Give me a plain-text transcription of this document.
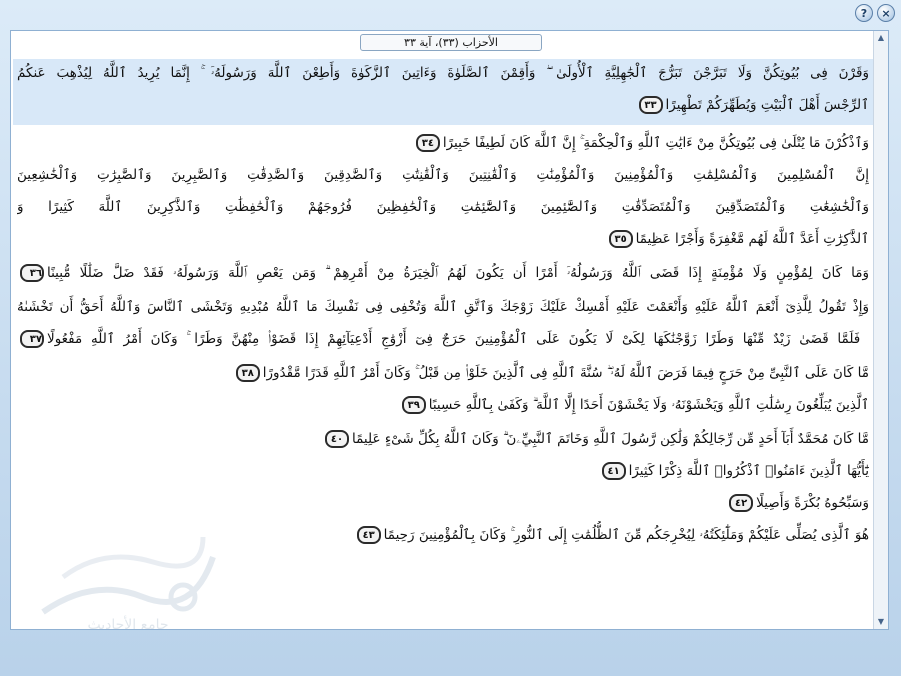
?	×
الأحزاب (٣٣)، آية ٣٣
جامع الأحاديث
وَقَرْنَ فِى بُيُوتِكُنَّ وَلَا تَبَرَّجْنَ تَبَرُّجَ ٱلْجَٰهِلِيَّةِ ٱلْأُولَىٰ ۖ وَأَقِمْنَ ٱلصَّلَوٰةَ وَءَاتِينَ ٱلزَّكَوٰةَ وَأَطِعْنَ ٱللَّهَ وَرَسُولَهُۥٓ ۚ إِنَّمَا يُرِيدُ ٱللَّهُ لِيُذْهِبَ عَنكُمُ
ٱلرِّجْسَ أَهْلَ ٱلْبَيْتِ وَيُطَهِّرَكُمْ تَطْهِيرًا٣٣
وَٱذْكُرْنَ مَا يُتْلَىٰ فِى بُيُوتِكُنَّ مِنْ ءَايَٰتِ ٱللَّهِ وَٱلْحِكْمَةِ ۚ إِنَّ ٱللَّهَ كَانَ لَطِيفًا خَبِيرًا٣٤
إِنَّ ٱلْمُسْلِمِينَ وَٱلْمُسْلِمَٰتِ وَٱلْمُؤْمِنِينَ وَٱلْمُؤْمِنَٰتِ وَٱلْقَٰنِتِينَ وَٱلْقَٰنِتَٰتِ وَٱلصَّٰدِقِينَ وَٱلصَّٰدِقَٰتِ وَٱلصَّٰبِرِينَ وَٱلصَّٰبِرَٰتِ وَٱلْخَٰشِعِينَ
وَٱلْخَٰشِعَٰتِ وَٱلْمُتَصَدِّقِينَ وَٱلْمُتَصَدِّقَٰتِ وَٱلصَّٰٓئِمِينَ وَٱلصَّٰٓئِمَٰتِ وَٱلْحَٰفِظِينَ فُرُوجَهُمْ وَٱلْحَٰفِظَٰتِ وَٱلذَّٰكِرِينَ ٱللَّهَ كَثِيرًا وَ
ٱلذَّٰكِرَٰتِ أَعَدَّ ٱللَّهُ لَهُم مَّغْفِرَةً وَأَجْرًا عَظِيمًا٣٥
وَمَا كَانَ لِمُؤْمِنٍ وَلَا مُؤْمِنَةٍ إِذَا قَضَى ٱللَّهُ وَرَسُولُهُۥٓ أَمْرًا أَن يَكُونَ لَهُمُ ٱلْخِيَرَةُ مِنْ أَمْرِهِمْ ۗ وَمَن يَعْصِ ٱللَّهَ وَرَسُولَهُۥ فَقَدْ ضَلَّ ضَلَٰلًا مُّبِينًا٣٦
وَإِذْ تَقُولُ لِلَّذِىٓ أَنْعَمَ ٱللَّهُ عَلَيْهِ وَأَنْعَمْتَ عَلَيْهِ أَمْسِكْ عَلَيْكَ زَوْجَكَ وَٱتَّقِ ٱللَّهَ وَتُخْفِى فِى نَفْسِكَ مَا ٱللَّهُ مُبْدِيهِ وَتَخْشَى ٱلنَّاسَ وَٱللَّهُ أَحَقُّ أَن تَخْشَىٰهُ
ۖ فَلَمَّا قَضَىٰ زَيْدٌ مِّنْهَا وَطَرًا زَوَّجْنَٰكَهَا لِكَىْ لَا يَكُونَ عَلَى ٱلْمُؤْمِنِينَ حَرَجٌ فِىٓ أَزْوَٰجِ أَدْعِيَآئِهِمْ إِذَا قَضَوْا۟ مِنْهُنَّ وَطَرًا ۚ وَكَانَ أَمْرُ ٱللَّهِ مَفْعُولًا٣٧
مَّا كَانَ عَلَى ٱلنَّبِىِّ مِنْ حَرَجٍ فِيمَا فَرَضَ ٱللَّهُ لَهُۥ ۖ سُنَّةَ ٱللَّهِ فِى ٱلَّذِينَ خَلَوْا۟ مِن قَبْلُ ۚ وَكَانَ أَمْرُ ٱللَّهِ قَدَرًا مَّقْدُورًا٣٨
ٱلَّذِينَ يُبَلِّغُونَ رِسَٰلَٰتِ ٱللَّهِ وَيَخْشَوْنَهُۥ وَلَا يَخْشَوْنَ أَحَدًا إِلَّا ٱللَّهَ ۗ وَكَفَىٰ بِٱللَّهِ حَسِيبًا٣٩
مَّا كَانَ مُحَمَّدٌ أَبَآ أَحَدٍ مِّن رِّجَالِكُمْ وَلَٰكِن رَّسُولَ ٱللَّهِ وَخَاتَمَ ٱلنَّبِيِّۦنَ ۗ وَكَانَ ٱللَّهُ بِكُلِّ شَىْءٍ عَلِيمًا٤٠
يَٰٓأَيُّهَا ٱلَّذِينَ ءَامَنُوا۟ ٱذْكُرُوا۟ ٱللَّهَ ذِكْرًا كَثِيرًا٤١
وَسَبِّحُوهُ بُكْرَةً وَأَصِيلًا٤٢
هُوَ ٱلَّذِى يُصَلِّى عَلَيْكُمْ وَمَلَٰٓئِكَتُهُۥ لِيُخْرِجَكُم مِّنَ ٱلظُّلُمَٰتِ إِلَى ٱلنُّورِ ۚ وَكَانَ بِٱلْمُؤْمِنِينَ رَحِيمًا٤٣
▲
▼
